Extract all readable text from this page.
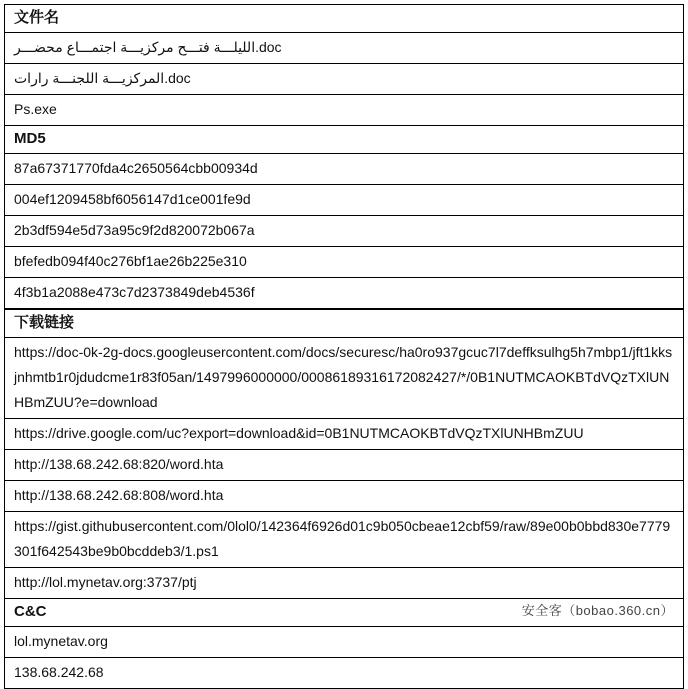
文件名
اللیلـــة فتـــح مرکزیـــة اجتمـــاع محضـــر.doc
المرکزیـــة اللجنـــة رارات.doc
Ps.exe
MD5
87a67371770fda4c2650564cbb00934d
004ef1209458bf6056147d1ce001fe9d
2b3df594e5d73a95c9f2d820072b067a
bfefedb094f40c276bf1ae26b225e310
4f3b1a2088e473c7d2373849deb4536f
下载链接
https://doc-0k-2g-docs.googleusercontent.com/docs/securesc/ha0ro937gcuc7l7deffksulhg5h7mbp1/jft1kksjnhmtb1r0jdudcme1r83f05an/1497996000000/00086189316172082427/*/0B1NUTMCAOKBTdVQzTXlUNHBmZUU?e=download
https://drive.google.com/uc?export=download&id=0B1NUTMCAOKBTdVQzTXlUNHBmZUU
http://138.68.242.68:820/word.hta
http://138.68.242.68:808/word.hta
https://gist.githubusercontent.com/0lol0/142364f6926d01c9b050cbeae12cbf59/raw/89e00b0bbd830e7779301f642543be9b0bcddeb3/1.ps1
http://lol.mynetav.org:3737/ptj
C&C
lol.mynetav.org
138.68.242.68
安全客（bobao.360.cn）
